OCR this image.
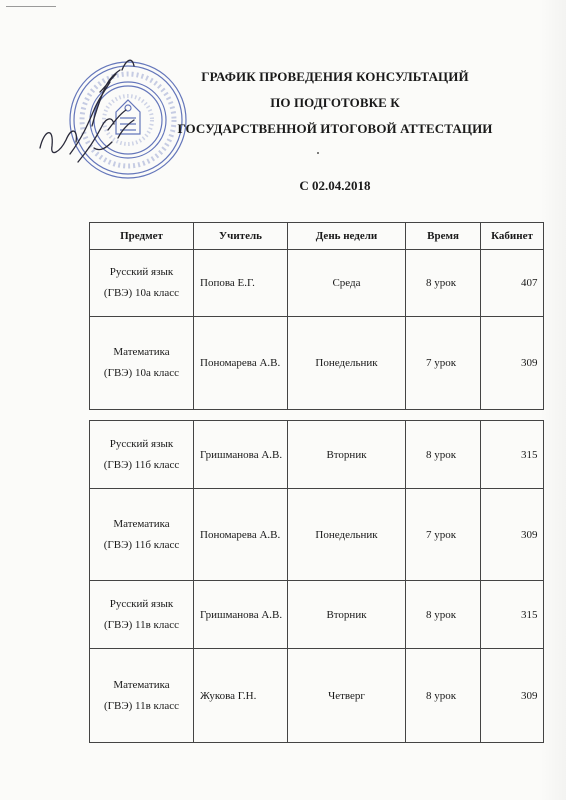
ГРАФИК ПРОВЕДЕНИЯ КОНСУЛЬТАЦИЙ
ПО ПОДГОТОВКЕ К
ГОСУДАРСТВЕННОЙ ИТОГОВОЙ АТТЕСТАЦИИ
С 02.04.2018
Предмет	Учитель	День недели	Время	Кабинет
Русский язык
(ГВЭ) 10а класс	Попова Е.Г.	Среда	8 урок	407
Математика
(ГВЭ) 10а класс	Пономарева А.В.	Понедельник	7 урок	309
Русский язык
(ГВЭ) 11б класс	Гришманова А.В.	Вторник	8 урок	315
Математика
(ГВЭ) 11б класс	Пономарева А.В.	Понедельник	7 урок	309
Русский язык
(ГВЭ) 11в класс	Гришманова А.В.	Вторник	8 урок	315
Математика
(ГВЭ) 11в класс	Жукова Г.Н.	Четверг	8 урок	309
